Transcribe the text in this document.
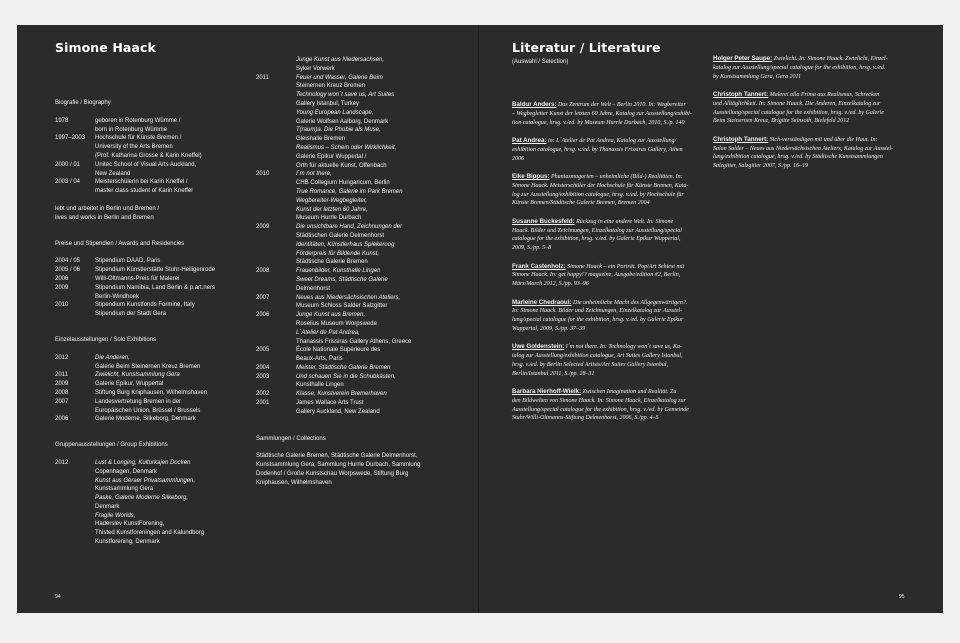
Simone Haack
Biografie / Biography
1978	geboren in Rotenburg Wümme /
born in Rotenburg Wümme
1997–2003	Hochschule für Künste Bremen /
University of the Arts Bremen
(Prof. Katharina Grosse & Karin Kneffel)
2000 / 01	Unitec School of Visual Arts Auckland,
New Zealand
2003 / 04	Meisterschülerin bei Karin Kneffel /
master class student of Karin Kneffel
lebt und arbeitet in Berlin und Bremen /
lives and works in Berlin and Bremen
Preise und Stipendien / Awards and Residencies
2004 / 05	Stipendium DAAD, Paris
2005 / 06	Stipendium Künstlerstätte Stuhr-Heiligenrode
2006	Willi-Oltmanns-Preis für Malerei
2009	Stipendium Namibia, Land Berlin & p.art.ners
Berlin-Windhoek
2010	Stipendium Kunstfonds Formine, Italy
Stipendium der Stadt Gera
Einzelausstellungen / Solo Exhibitions
2012	Die Anderen,
Galerie Beim Steinernen Kreuz Bremen
2011	Zwielicht, Kunstsammlung Gera
2009	Galerie Epikur, Wuppertal
2008	Stiftung Burg Kniphausen, Wilhelmshaven
2007	Landesvertretung Bremen in der
Europäischen Union, Brüssel / Brussels
2006	Galerie Moderne, Silkeborg, Denmark
Gruppenausstellungen / Group Exhibitions
2012	Lust & Longing, Kulturkajen Docken
Copenhagen, Denmark
Kunst aus Geraer Privatsammlungen,
Kunstsammlung Gera
Paske, Galerie Moderne Silkeborg,
Denmark
Fragile Worlds,
Haderslev KunstForening,
Thisted Kunstforeningen and Kalundborg
Kunstforening, Denmark
Junge Kunst aus Niedersachsen,
Syker Vorwerk
2011	Feuer und Wasser, Galerie Beim
Steinernen Kreuz Bremen
Technology won´t save us, Art Suites
Gallery Istanbul, Turkey
Young European Landscape,
Galerie Wolfsen Aalborg, Denmark
T(raum)a. Die Phobie als Muse,
Gleishalle Bremen
Realismus – Schein oder Wirklichkeit,
Galerie Epikur Wuppertal /
Orth für aktuelle Kunst, Offenbach
2010	I´m not there,
CHB Collegium Hungaricum, Berlin
True Romance, Galerie im Park Bremen
Wegbereiter-Wegbegleiter,
Kunst der letzten 60 Jahre,
Museum Hurrle Durbach
2009	Die unsichtbare Hand, Zeichnungen der
Städtischen Galerie Delmenhorst
Identitäten, Künstlerhaus Spiekeroog
Förderpreis für Bildende Kunst,
Städtische Galerie Bremen
2008	Frauenbilder, Kunsthalle Lingen
Sweet Dreams, Städtische Galerie
Delmenhorst
2007	Neues aus Niedersächsischen Ateliers,
Museum Schloss Salder Salzgitter
2006	Junge Kunst aus Bremen,
Roselius Museum Worpswede
L´Atelier de Pat Andrea,
Thanassis Frissiras Gallery Athens, Greece
2005	École Nationale Supérieure des
Beaux-Arts, Paris
2004	Meister, Städtische Galerie Bremen
2003	Und schauen Sie in die Schubkästen,
Kunsthalle Lingen
2002	Klasse, Kunstverein Bremerhaven
2001	James Wallace Arts Trust
Gallery Auckland, New Zealand
Sammlungen / Collections
Städtische Galerie Bremen, Städtische Galerie Delmenhorst,
Kunstsammlung Gera, Sammlung Hurrle Durbach, Sammlung
Dodenhof / Große Kunstschau Worpswede, Stiftung Burg
Kniphausen, Wilhelmshaven
94
Literatur / Literature
(Auswahl / Selection)
Baldur Anders: Das Zentrum der Welt – Berlin 2010. In: Wegbereiter
– Wegbegleiter Kunst der letzten 60 Jahre, Katalog zur Ausstellung/exhibi-
tion catalogue, hrsg. v./ed. by Museum Hurrle Durbach, 2010, S./p. 140
Pat Andrea: in: L´Atelier de Pat Andrea, Katalog zur Ausstellung/
exhibition catalogue, hrsg. v./ed. by Thanassis Frissiras Gallery, Athen
2006
Eike Bippus: Phantasmagorien – unheimliche (Bild-) Realitäten. In:
Simone Haack. Meisterschüler der Hochschule für Künste Bremen, Kata-
log zur Ausstellung/exhibition catalogue, hrsg. v./ed. by Hochschule für
Künste Bremen/Städtische Galerie Bremen, Bremen 2004
Susanne Buckesfeld: Rückzug in eine andere Welt. In: Simone
Haack. Bilder und Zeichnungen, Einzelkatalog zur Ausstellung/special
catalogue for the exhibition, hrsg. v./ed. by Galerie Epikur Wuppertal,
2009, S./pp. 5–8
Frank Castenholz: Simone Haack – ein Porträt. Pop/Art Sehtest mit
Simone Haack. In: get happy!? magazine, Ausgabe/edition #2, Berlin,
März/March 2012, S./pp. 93–96
Marleine Chedraoui: Die unheimliche Macht des Allgegenwärtigen?.
In: Simone Haack. Bilder und Zeichnungen, Einzelkatalog zur Ausstel-
lung/special catalogue for the exhibition, hrsg. v./ed. by Galerie Epikur
Wuppertal, 2009, S./pp. 37–39
Uwe Goldenstein: I´m not there. In: Technology won´t save us, Ka-
talog zur Ausstellung/exhibition catalogue, Art Suites Gallery Istanbul,
hrsg. v./ed. by Berlin Selected Artists/Art Suites Gallery Istanbul,
Berlin/Istanbul 2011, S./pp. 28–31
Barbara Nierhoff-Wielk: Zwischen Imagination und Realität. Zu
den Bildwelten von Simone Haack. In: Simone Haack, Einzelkatalog zur
Ausstellung/special catalogue for the exhibition, hrsg. v./ed. by Gemeinde
Stuhr/Willi-Oltmanns-Stiftung Delmenhorst, 2006, S./pp. 4–5
Holger Peter Saupe: Zwielicht. In: Simone Haack. Zwielicht, Einzel-
katalog zur Ausstellung/special catalogue for the exhibition, hrsg. v./ed.
by Kunstsammlung Gera, Gera 2011
Christoph Tannert: Malerei alla Prima aus Realismus, Schrecken
und Alltäglichkeit. In: Simone Haack. Die Anderen, Einzelkatalog zur
Ausstellung/special catalogue for the exhibition, hrsg. v./ed. by Galerie
Beim Steinernen Kreuz, Brigitte Seinsoth, Bielefeld 2012
Christoph Tannert: Sich-verständigen mit und über die Haut. In:
Salon Salder – Neues aus Niedersächsischen Ateliers, Katalog zur Ausstel-
lung/exhibition catalogue, hrsg. v./ed. by Städtische Kunstsammlungen
Salzgitter, Salzgitter 2007, S./pp. 16–19
95
